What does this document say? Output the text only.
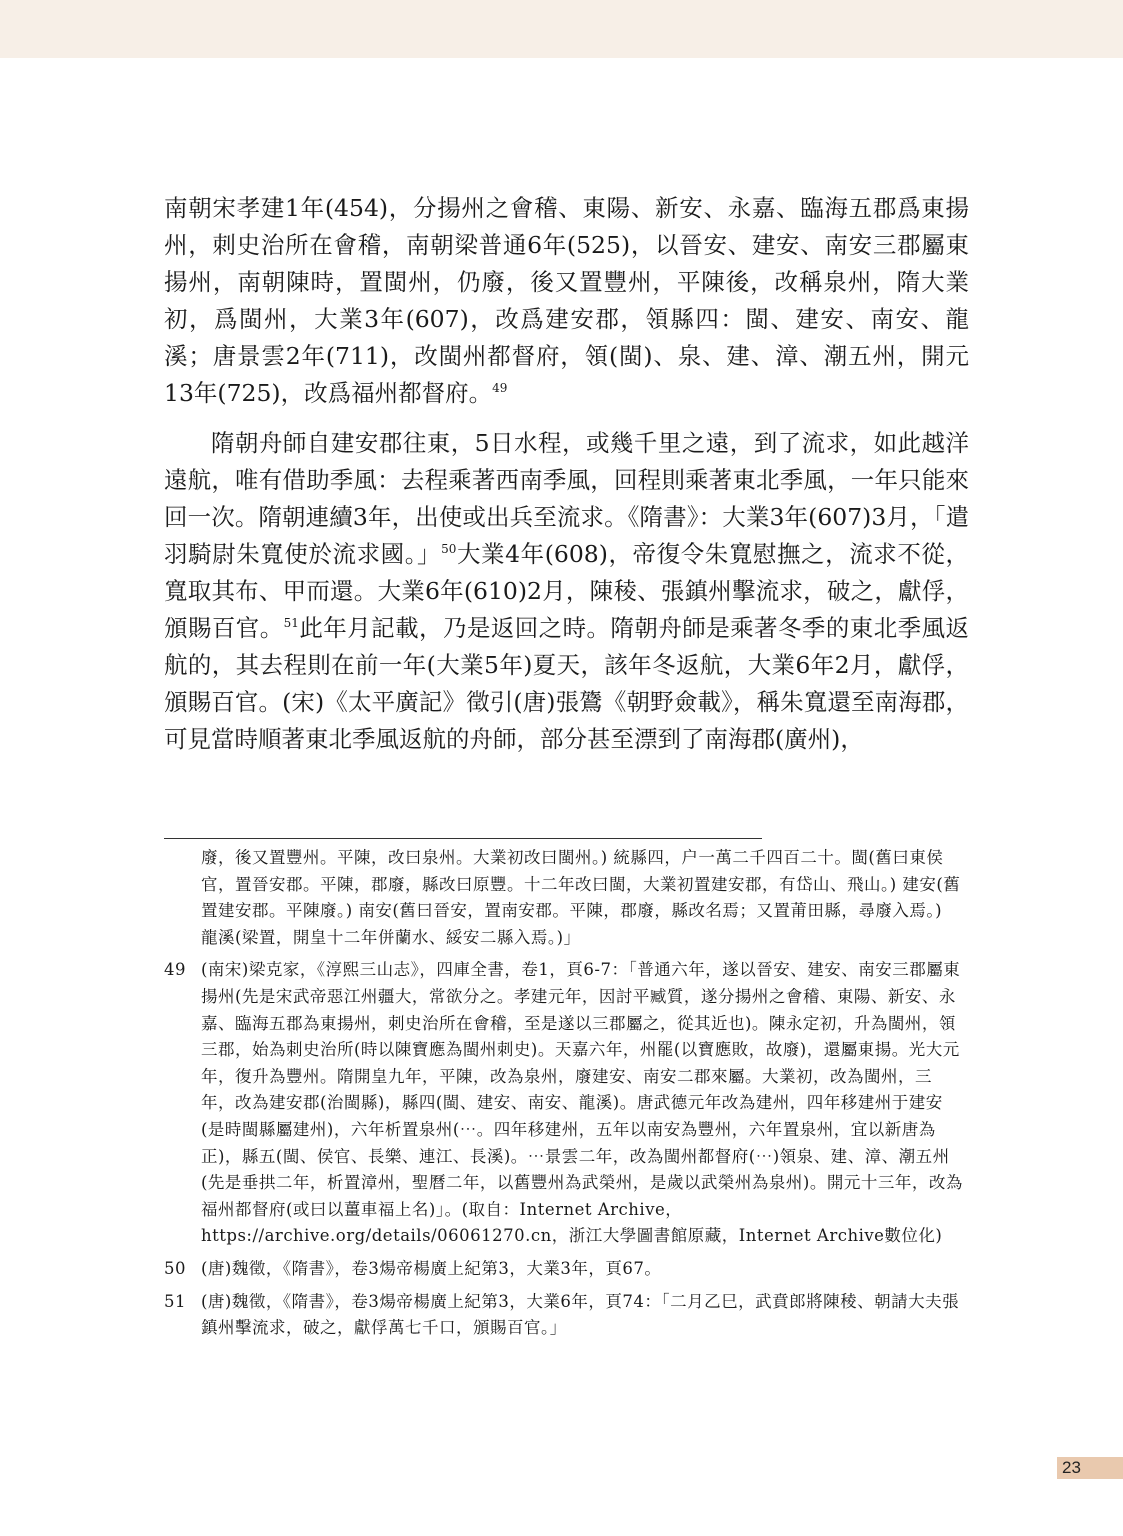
南朝宋孝建1年(454)，分揚州之會稽、東陽、新安、永嘉、臨海五郡爲東揚州，刺史治所在會稽，南朝梁普通6年(525)，以晉安、建安、南安三郡屬東揚州，南朝陳時，置閩州，仍廢，後又置豐州，平陳後，改稱泉州，隋大業初，爲閩州，大業3年(607)，改爲建安郡，領縣四：閩、建安、南安、龍溪；唐景雲2年(711)，改閩州都督府，領(閩)、泉、建、漳、潮五州，開元13年(725)，改爲福州都督府。$^{49}$

隋朝舟師自建安郡往東，5日水程，或幾千里之遠，到了流求，如此越洋遠航，唯有借助季風：去程乘著西南季風，回程則乘著東北季風，一年只能來回一次。隋朝連續3年，出使或出兵至流求。《隋書》：大業3年(607)3月，「遣羽騎尉朱寬使於流求國。」$^{50}$大業4年(608)，帝復令朱寬慰撫之，流求不從，寬取其布、甲而還。大業6年(610)2月，陳稜、張鎮州擊流求，破之，獻俘，頒賜百官。$^{51}$此年月記載，乃是返回之時。隋朝舟師是乘著冬季的東北季風返航的，其去程則在前一年(大業5年)夏天，該年冬返航，大業6年2月，獻俘，頒賜百官。(宋)《太平廣記》徵引(唐)張鷟《朝野僉載》，稱朱寬還至南海郡，可見當時順著東北季風返航的舟師，部分甚至漂到了南海郡(廣州)，

廢，後又置豐州。平陳，改曰泉州。大業初改曰閩州。) 統縣四，户一萬二千四百二十。閩(舊曰東侯官，置晉安郡。平陳，郡廢，縣改曰原豐。十二年改曰閩，大業初置建安郡，有岱山、飛山。) 建安(舊置建安郡。平陳廢。) 南安(舊曰晉安，置南安郡。平陳，郡廢，縣改名焉；又置莆田縣，尋廢入焉。) 龍溪(梁置，開皇十二年併蘭水、綏安二縣入焉。)」
49 (南宋)梁克家，《淳熙三山志》，四庫全書，卷1，頁6-7：「普通六年，遂以晉安、建安、南安三郡屬東揚州(先是宋武帝惡江州疆大，常欲分之。孝建元年，因討平臧質，遂分揚州之會稽、東陽、新安、永嘉、臨海五郡為東揚州，刺史治所在會稽，至是遂以三郡屬之，從其近也)。陳永定初，升為閩州，領三郡，始為刺史治所(時以陳寶應為閩州刺史)。天嘉六年，州罷(以寶應敗，故廢)，還屬東揚。光大元年，復升為豐州。隋開皇九年，平陳，改為泉州，廢建安、南安二郡來屬。大業初，改為閩州，三年，改為建安郡(治閩縣)，縣四(閩、建安、南安、龍溪)。唐武德元年改為建州，四年移建州于建安(是時閩縣屬建州)，六年析置泉州(⋯。四年移建州，五年以南安為豐州，六年置泉州，宜以新唐為正)，縣五(閩、侯官、長樂、連江、長溪)。⋯景雲二年，改為閩州都督府(⋯)領泉、建、漳、潮五州(先是垂拱二年，析置漳州，聖曆二年，以舊豐州為武榮州，是歲以武榮州為泉州)。開元十三年，改為福州都督府(或曰以薑車福上名)」。(取自：Internet Archive，https://archive.org/details/06061270.cn，浙江大學圖書館原藏，Internet Archive數位化)
50 (唐)魏徵，《隋書》，卷3煬帝楊廣上紀第3，大業3年，頁67。
51 (唐)魏徵，《隋書》，卷3煬帝楊廣上紀第3，大業6年，頁74：「二月乙巳，武賁郎將陳稜、朝請大夫張鎮州擊流求，破之，獻俘萬七千口，頒賜百官。」
23
